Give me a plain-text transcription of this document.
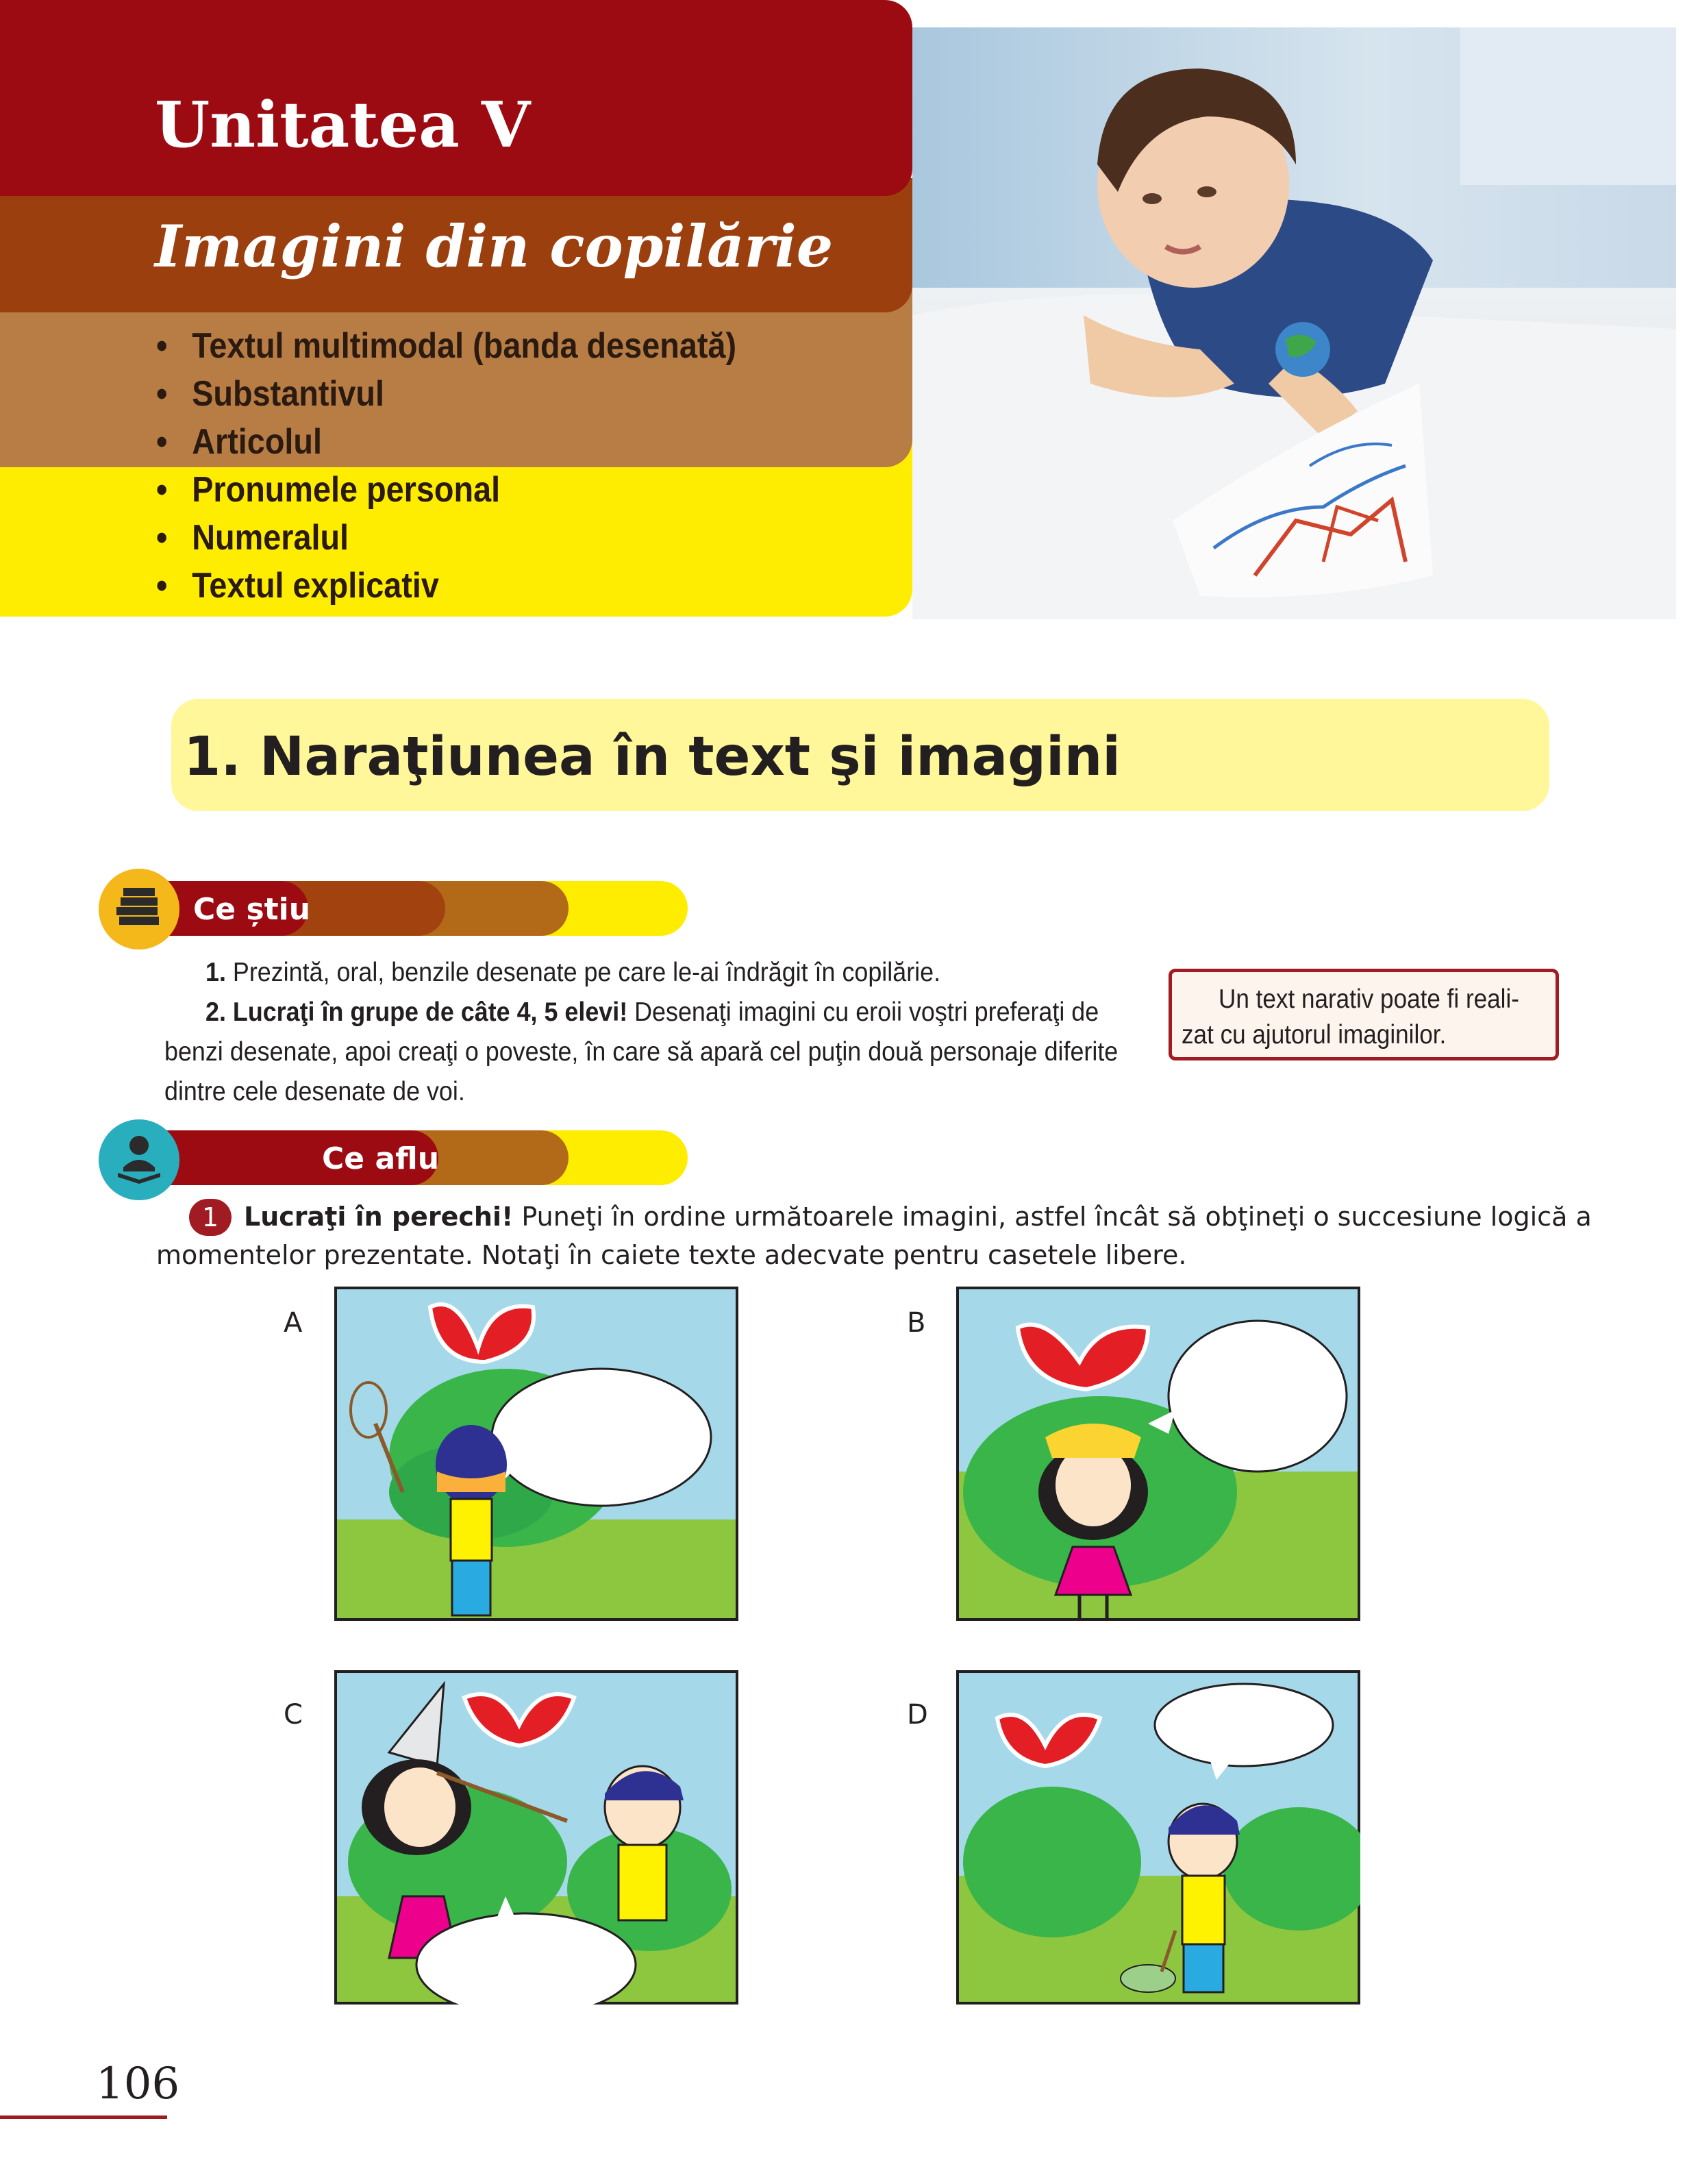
Unitatea V
Imagini din copilărie
• Textul multimodal (banda desenată)
• Substantivul
• Articolul
• Pronumele personal
• Numeralul
• Textul explicativ
1. Naraţiunea în text şi imagini
Ce știu
1. Prezintă, oral, benzile desenate pe care le-ai îndrăgit în copilărie.
2. Lucraţi în grupe de câte 4, 5 elevi! Desenaţi imagini cu eroii voştri preferaţi de
benzi desenate, apoi creaţi o poveste, în care să apară cel puţin două personaje diferite
dintre cele desenate de voi.
Un text narativ poate fi reali-
zat cu ajutorul imaginilor.
Ce aflu
1 Lucraţi în perechi! Puneţi în ordine următoarele imagini, astfel încât să obţineţi o succesiune logică a
momentelor prezentate. Notaţi în caiete texte adecvate pentru casetele libere.
A	B
C	D
106
